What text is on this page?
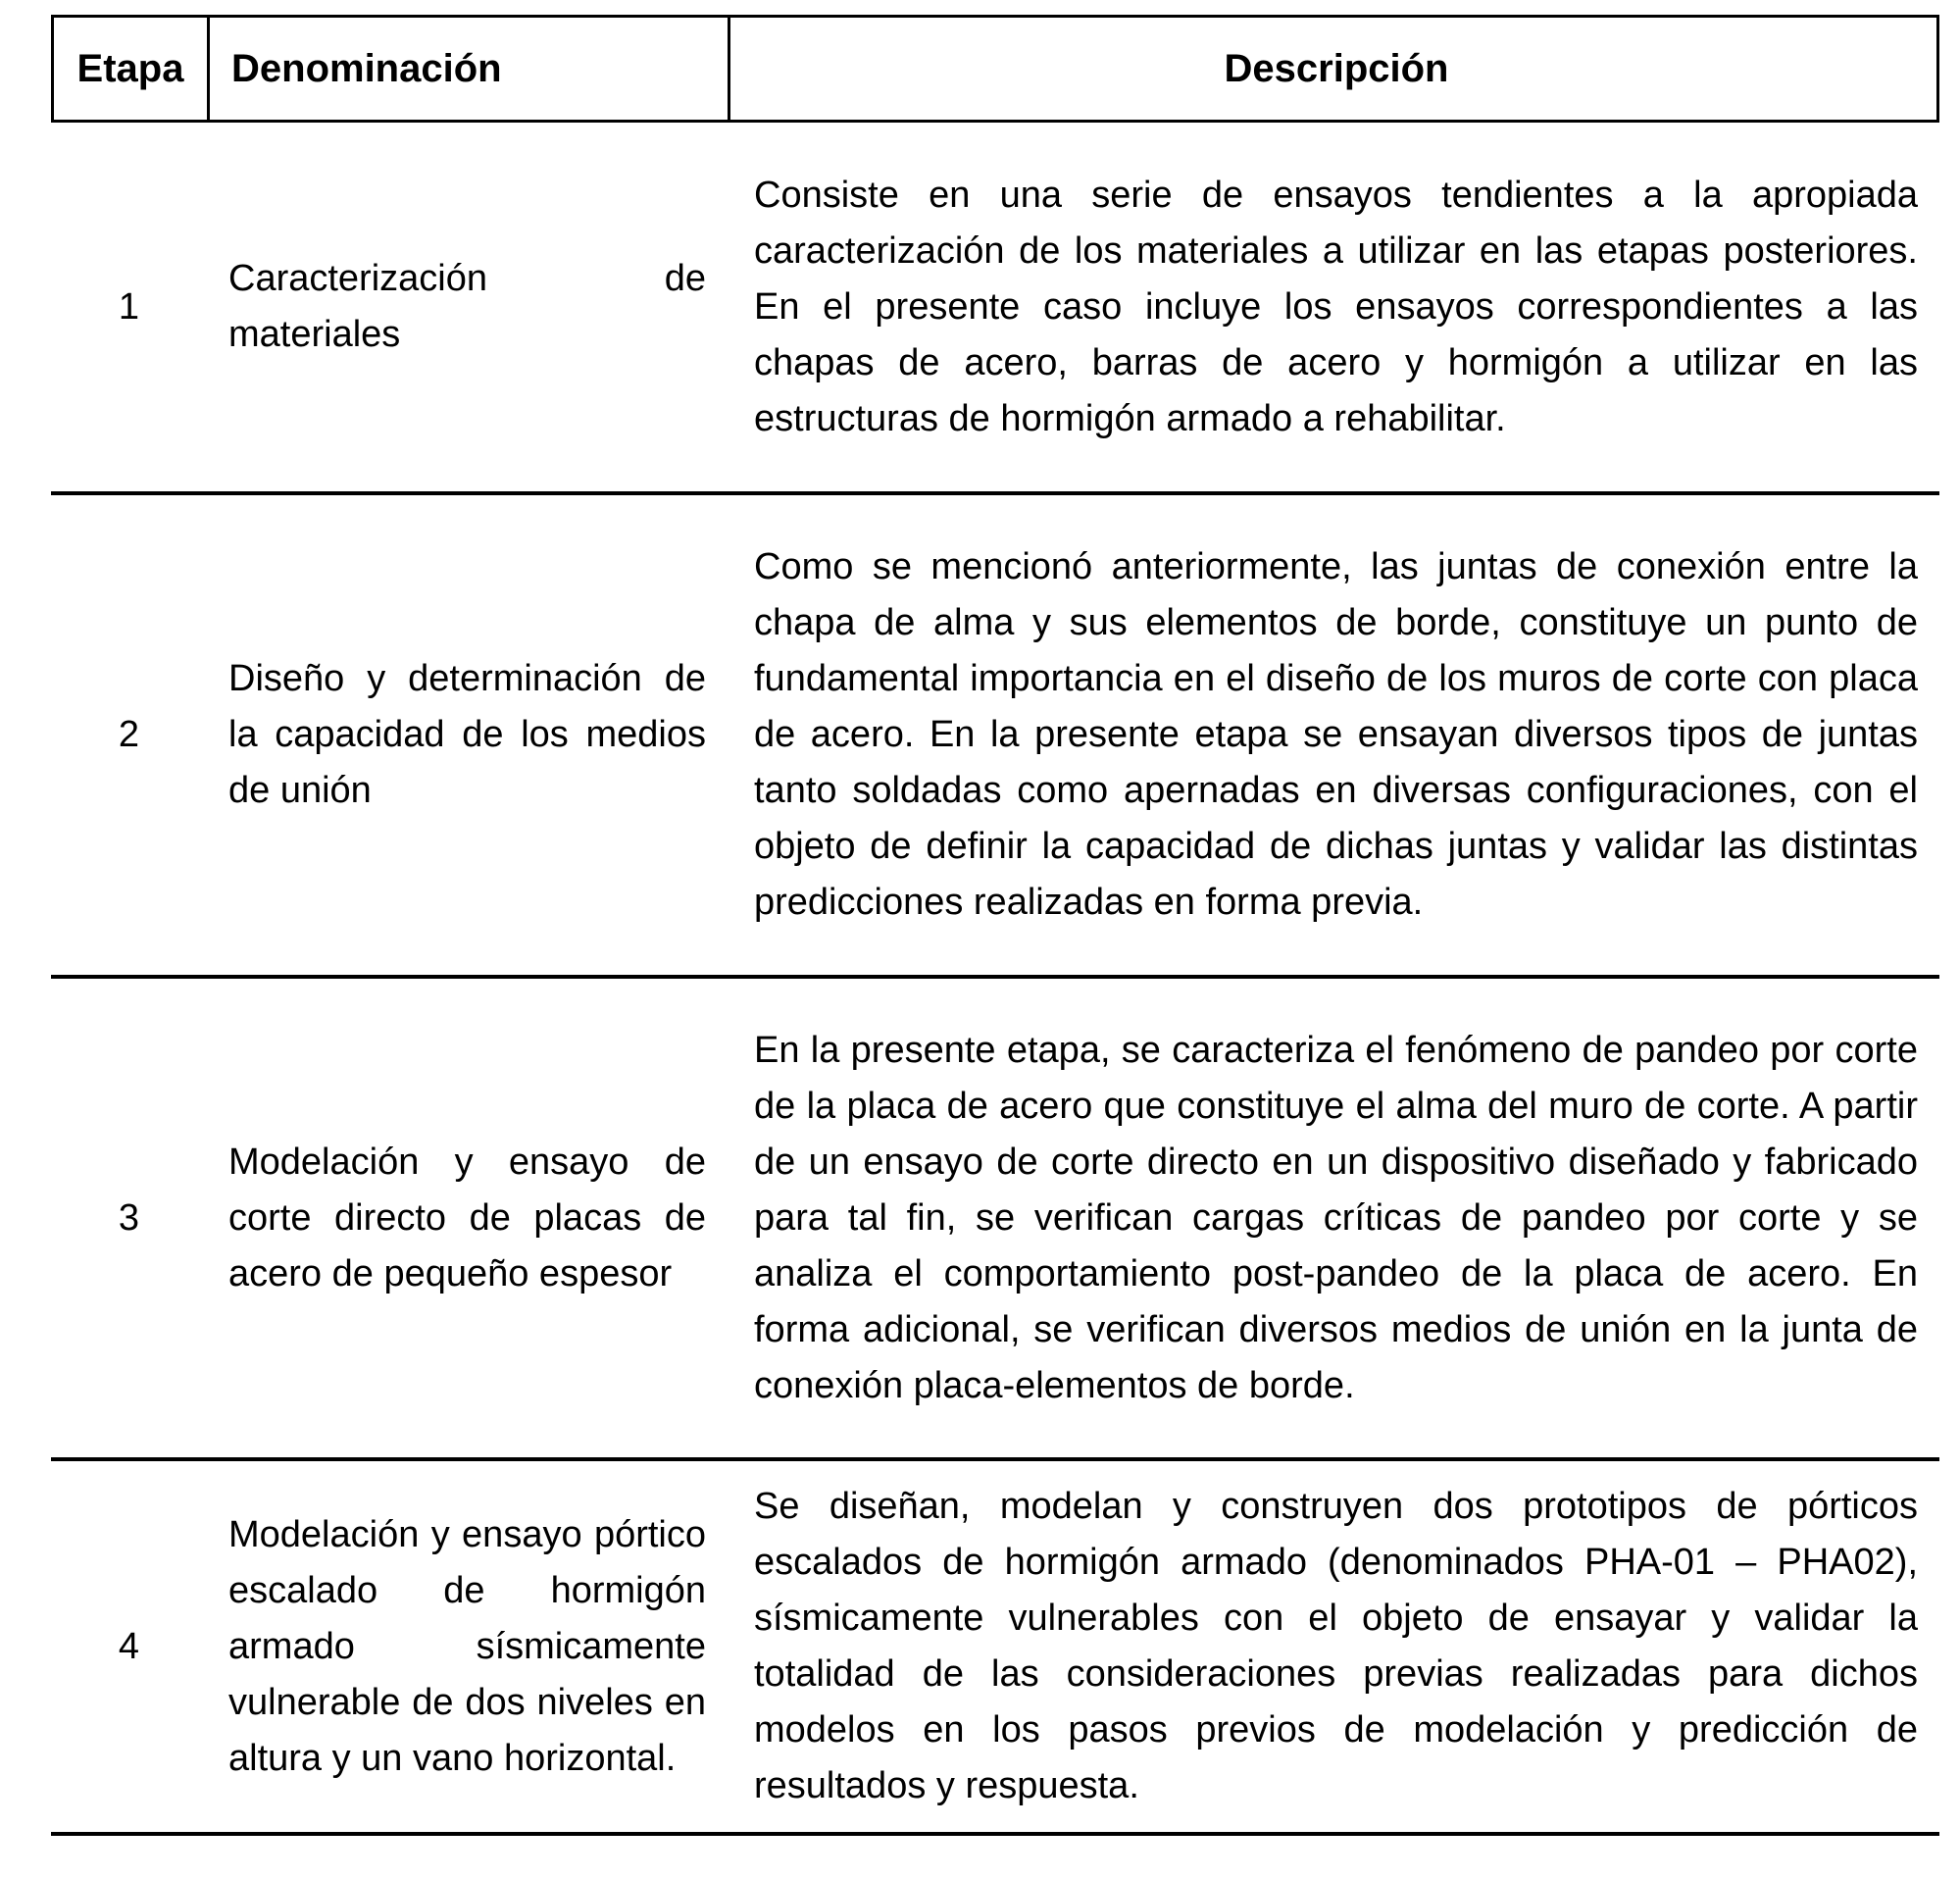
Etapa	Denominación	Descripción
1

Caracterización de materiales

Consiste en una serie de ensayos tendientes a la apropiada caracterización de los materiales a utilizar en las etapas posteriores. En el presente caso incluye los ensayos correspondientes a las chapas de acero, barras de acero y hormigón a utilizar en las estructuras de hormigón armado a rehabilitar.

2

Diseño y determinación de la capacidad de los medios de unión

Como se mencionó anteriormente, las juntas de conexión entre la chapa de alma y sus elementos de borde, constituye un punto de fundamental importancia en el diseño de los muros de corte con placa de acero. En la presente etapa se ensayan diversos tipos de juntas tanto soldadas como apernadas en diversas configuraciones, con el objeto de definir la capacidad de dichas juntas y validar las distintas predicciones realizadas en forma previa.

3

Modelación y ensayo de corte directo de placas de acero de pequeño espesor

En la presente etapa, se caracteriza el fenómeno de pandeo por corte de la placa de acero que constituye el alma del muro de corte. A partir de un ensayo de corte directo en un dispositivo diseñado y fabricado para tal fin, se verifican cargas críticas de pandeo por corte y se analiza el comportamiento post-pandeo de la placa de acero. En forma adicional, se verifican diversos medios de unión en la junta de conexión placa-elementos de borde.

4

Modelación y ensayo pórtico escalado de hormigón armado sísmicamente vulnerable de dos niveles en altura y un vano horizontal.

Se diseñan, modelan y construyen dos prototipos de pórticos escalados de hormigón armado (denominados PHA-01 – PHA02), sísmicamente vulnerables con el objeto de ensayar y validar la totalidad de las consideraciones previas realizadas para dichos modelos en los pasos previos de modelación y predicción de resultados y respuesta.
